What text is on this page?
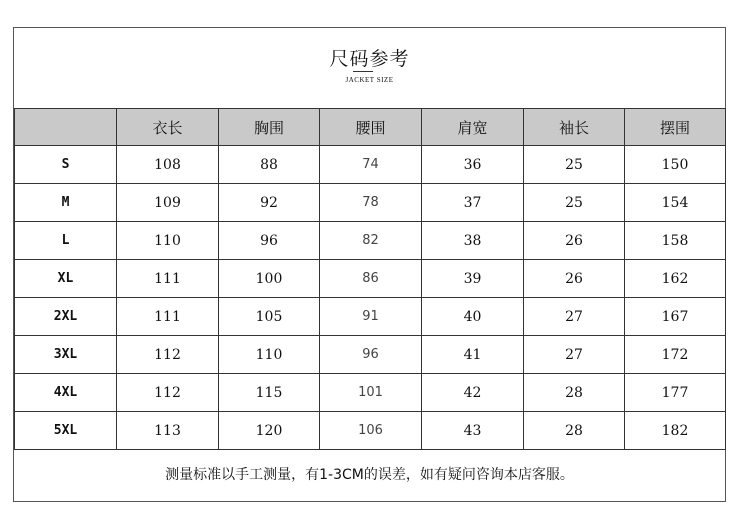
尺码参考
JACKET SIZE
	衣长	胸围	腰围	肩宽	袖长	摆围
S	108	88	74	36	25	150
M	109	92	78	37	25	154
L	110	96	82	38	26	158
XL	111	100	86	39	26	162
2XL	111	105	91	40	27	167
3XL	112	110	96	41	27	172
4XL	112	115	101	42	28	177
5XL	113	120	106	43	28	182
测量标准以手工测量，有1-3CM的误差，如有疑问咨询本店客服。
